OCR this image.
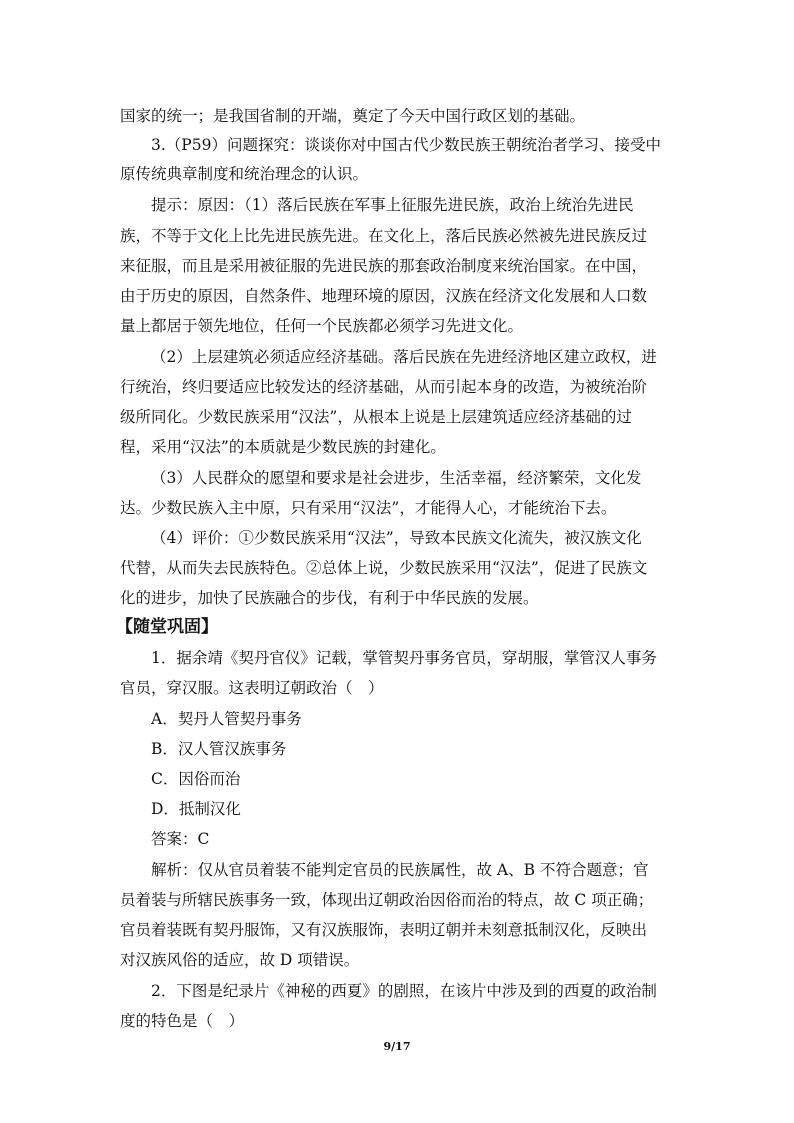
国家的统一；是我国省制的开端，奠定了今天中国行政区划的基础。
3.（P59）问题探究：谈谈你对中国古代少数民族王朝统治者学习、接受中
原传统典章制度和统治理念的认识。
提示：原因：（1）落后民族在军事上征服先进民族，政治上统治先进民
族，不等于文化上比先进民族先进。在文化上，落后民族必然被先进民族反过
来征服，而且是采用被征服的先进民族的那套政治制度来统治国家。在中国，
由于历史的原因，自然条件、地理环境的原因，汉族在经济文化发展和人口数
量上都居于领先地位，任何一个民族都必须学习先进文化。
（2）上层建筑必须适应经济基础。落后民族在先进经济地区建立政权，进
行统治，终归要适应比较发达的经济基础，从而引起本身的改造，为被统治阶
级所同化。少数民族采用“汉法”，从根本上说是上层建筑适应经济基础的过
程，采用“汉法”的本质就是少数民族的封建化。
（3）人民群众的愿望和要求是社会进步，生活幸福，经济繁荣，文化发
达。少数民族入主中原，只有采用“汉法”，才能得人心，才能统治下去。
（4）评价：①少数民族采用“汉法”，导致本民族文化流失，被汉族文化
代替，从而失去民族特色。②总体上说，少数民族采用“汉法”，促进了民族文
化的进步，加快了民族融合的步伐，有利于中华民族的发展。
【随堂巩固】
1．据余靖《契丹官仪》记载，掌管契丹事务官员，穿胡服，掌管汉人事务
官员，穿汉服。这表明辽朝政治（　）
A．契丹人管契丹事务
B．汉人管汉族事务
C．因俗而治
D．抵制汉化
答案：C
解析：仅从官员着装不能判定官员的民族属性，故 A、B 不符合题意；官
员着装与所辖民族事务一致，体现出辽朝政治因俗而治的特点，故 C 项正确；
官员着装既有契丹服饰，又有汉族服饰，表明辽朝并未刻意抵制汉化，反映出
对汉族风俗的适应，故 D 项错误。
2．下图是纪录片《神秘的西夏》的剧照，在该片中涉及到的西夏的政治制
度的特色是（　）
9/17
